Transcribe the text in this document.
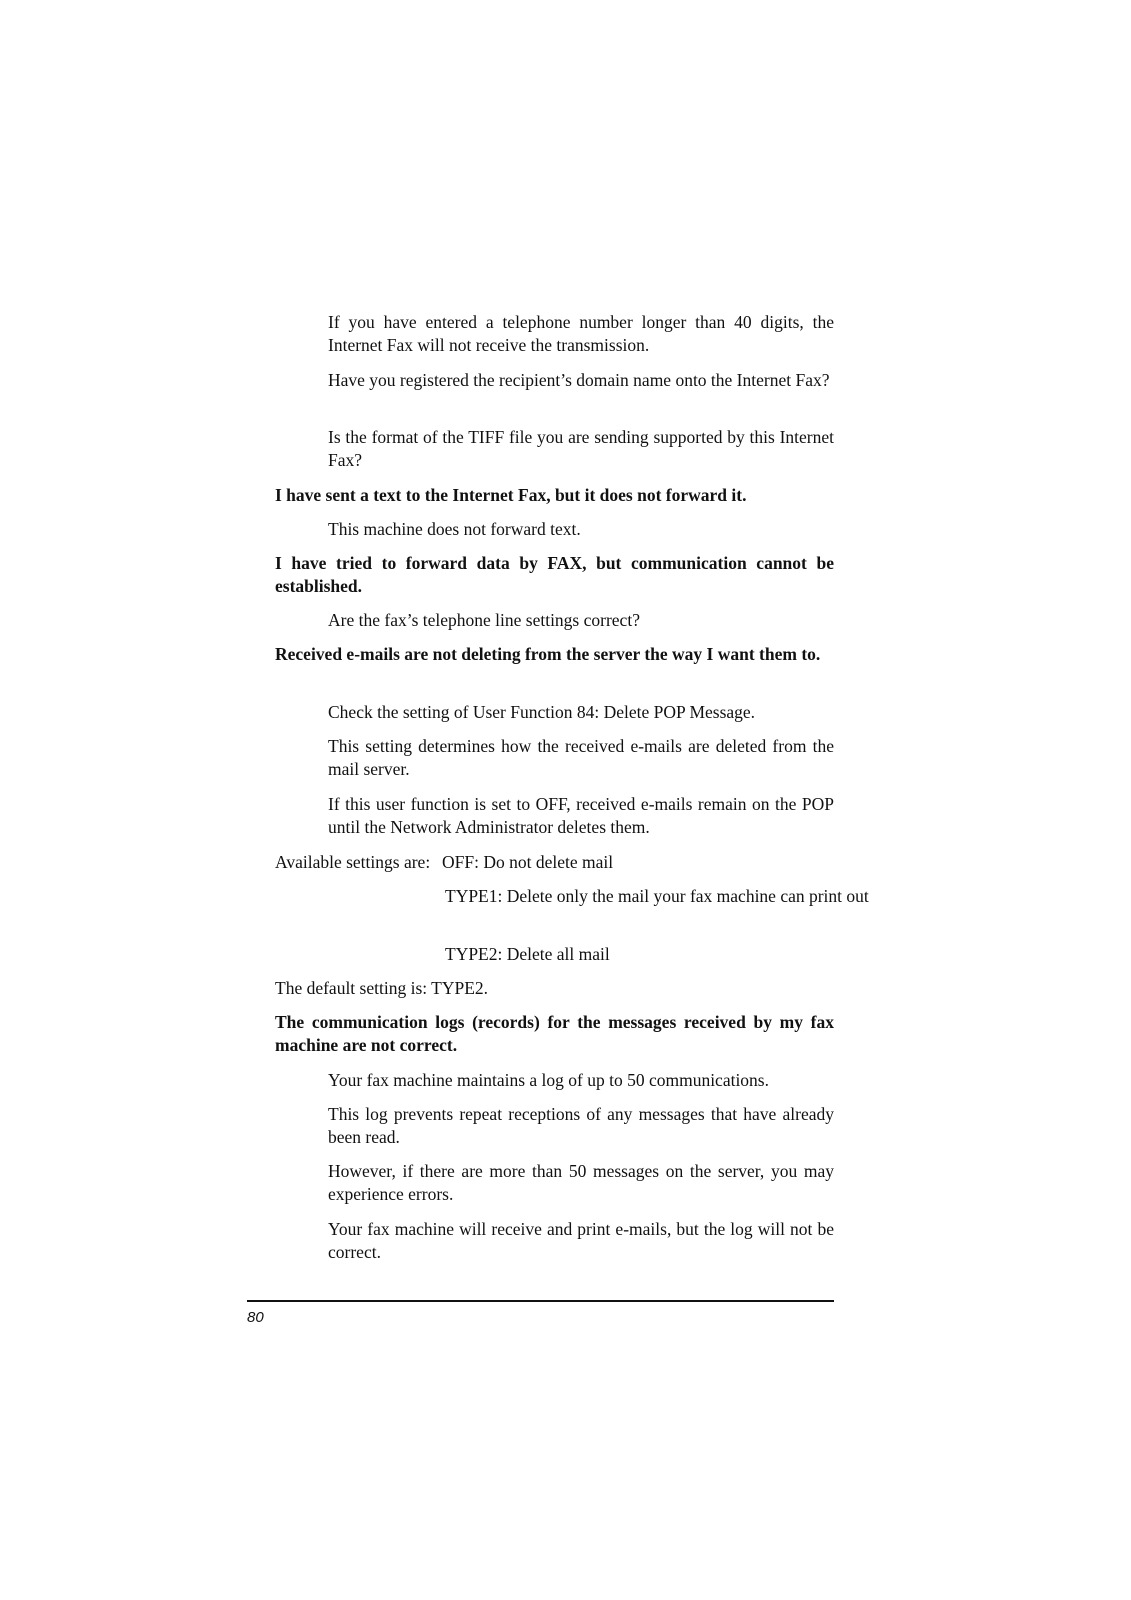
If you have entered a telephone number longer than 40 digits, the Internet Fax will not receive the transmission.

Have you registered the recipient’s domain name onto the Internet Fax?

Is the format of the TIFF file you are sending supported by this Internet Fax?

I have sent a text to the Internet Fax, but it does not forward it.

This machine does not forward text.

I have tried to forward data by FAX, but communication cannot be established.

Are the fax’s telephone line settings correct?

Received e-mails are not deleting from the server the way I want them to.

Check the setting of User Function 84: Delete POP Message.

This setting determines how the received e-mails are deleted from the mail server.

If this user function is set to OFF, received e-mails remain on the POP until the Network Administrator deletes them.

Available settings are: OFF: Do not delete mail

TYPE1: Delete only the mail your fax machine can print out

TYPE2: Delete all mail

The default setting is: TYPE2.

The communication logs (records) for the messages received by my fax machine are not correct.

Your fax machine maintains a log of up to 50 communications.

This log prevents repeat receptions of any messages that have already been read.

However, if there are more than 50 messages on the server, you may experience errors.

Your fax machine will receive and print e-mails, but the log will not be correct.

80
